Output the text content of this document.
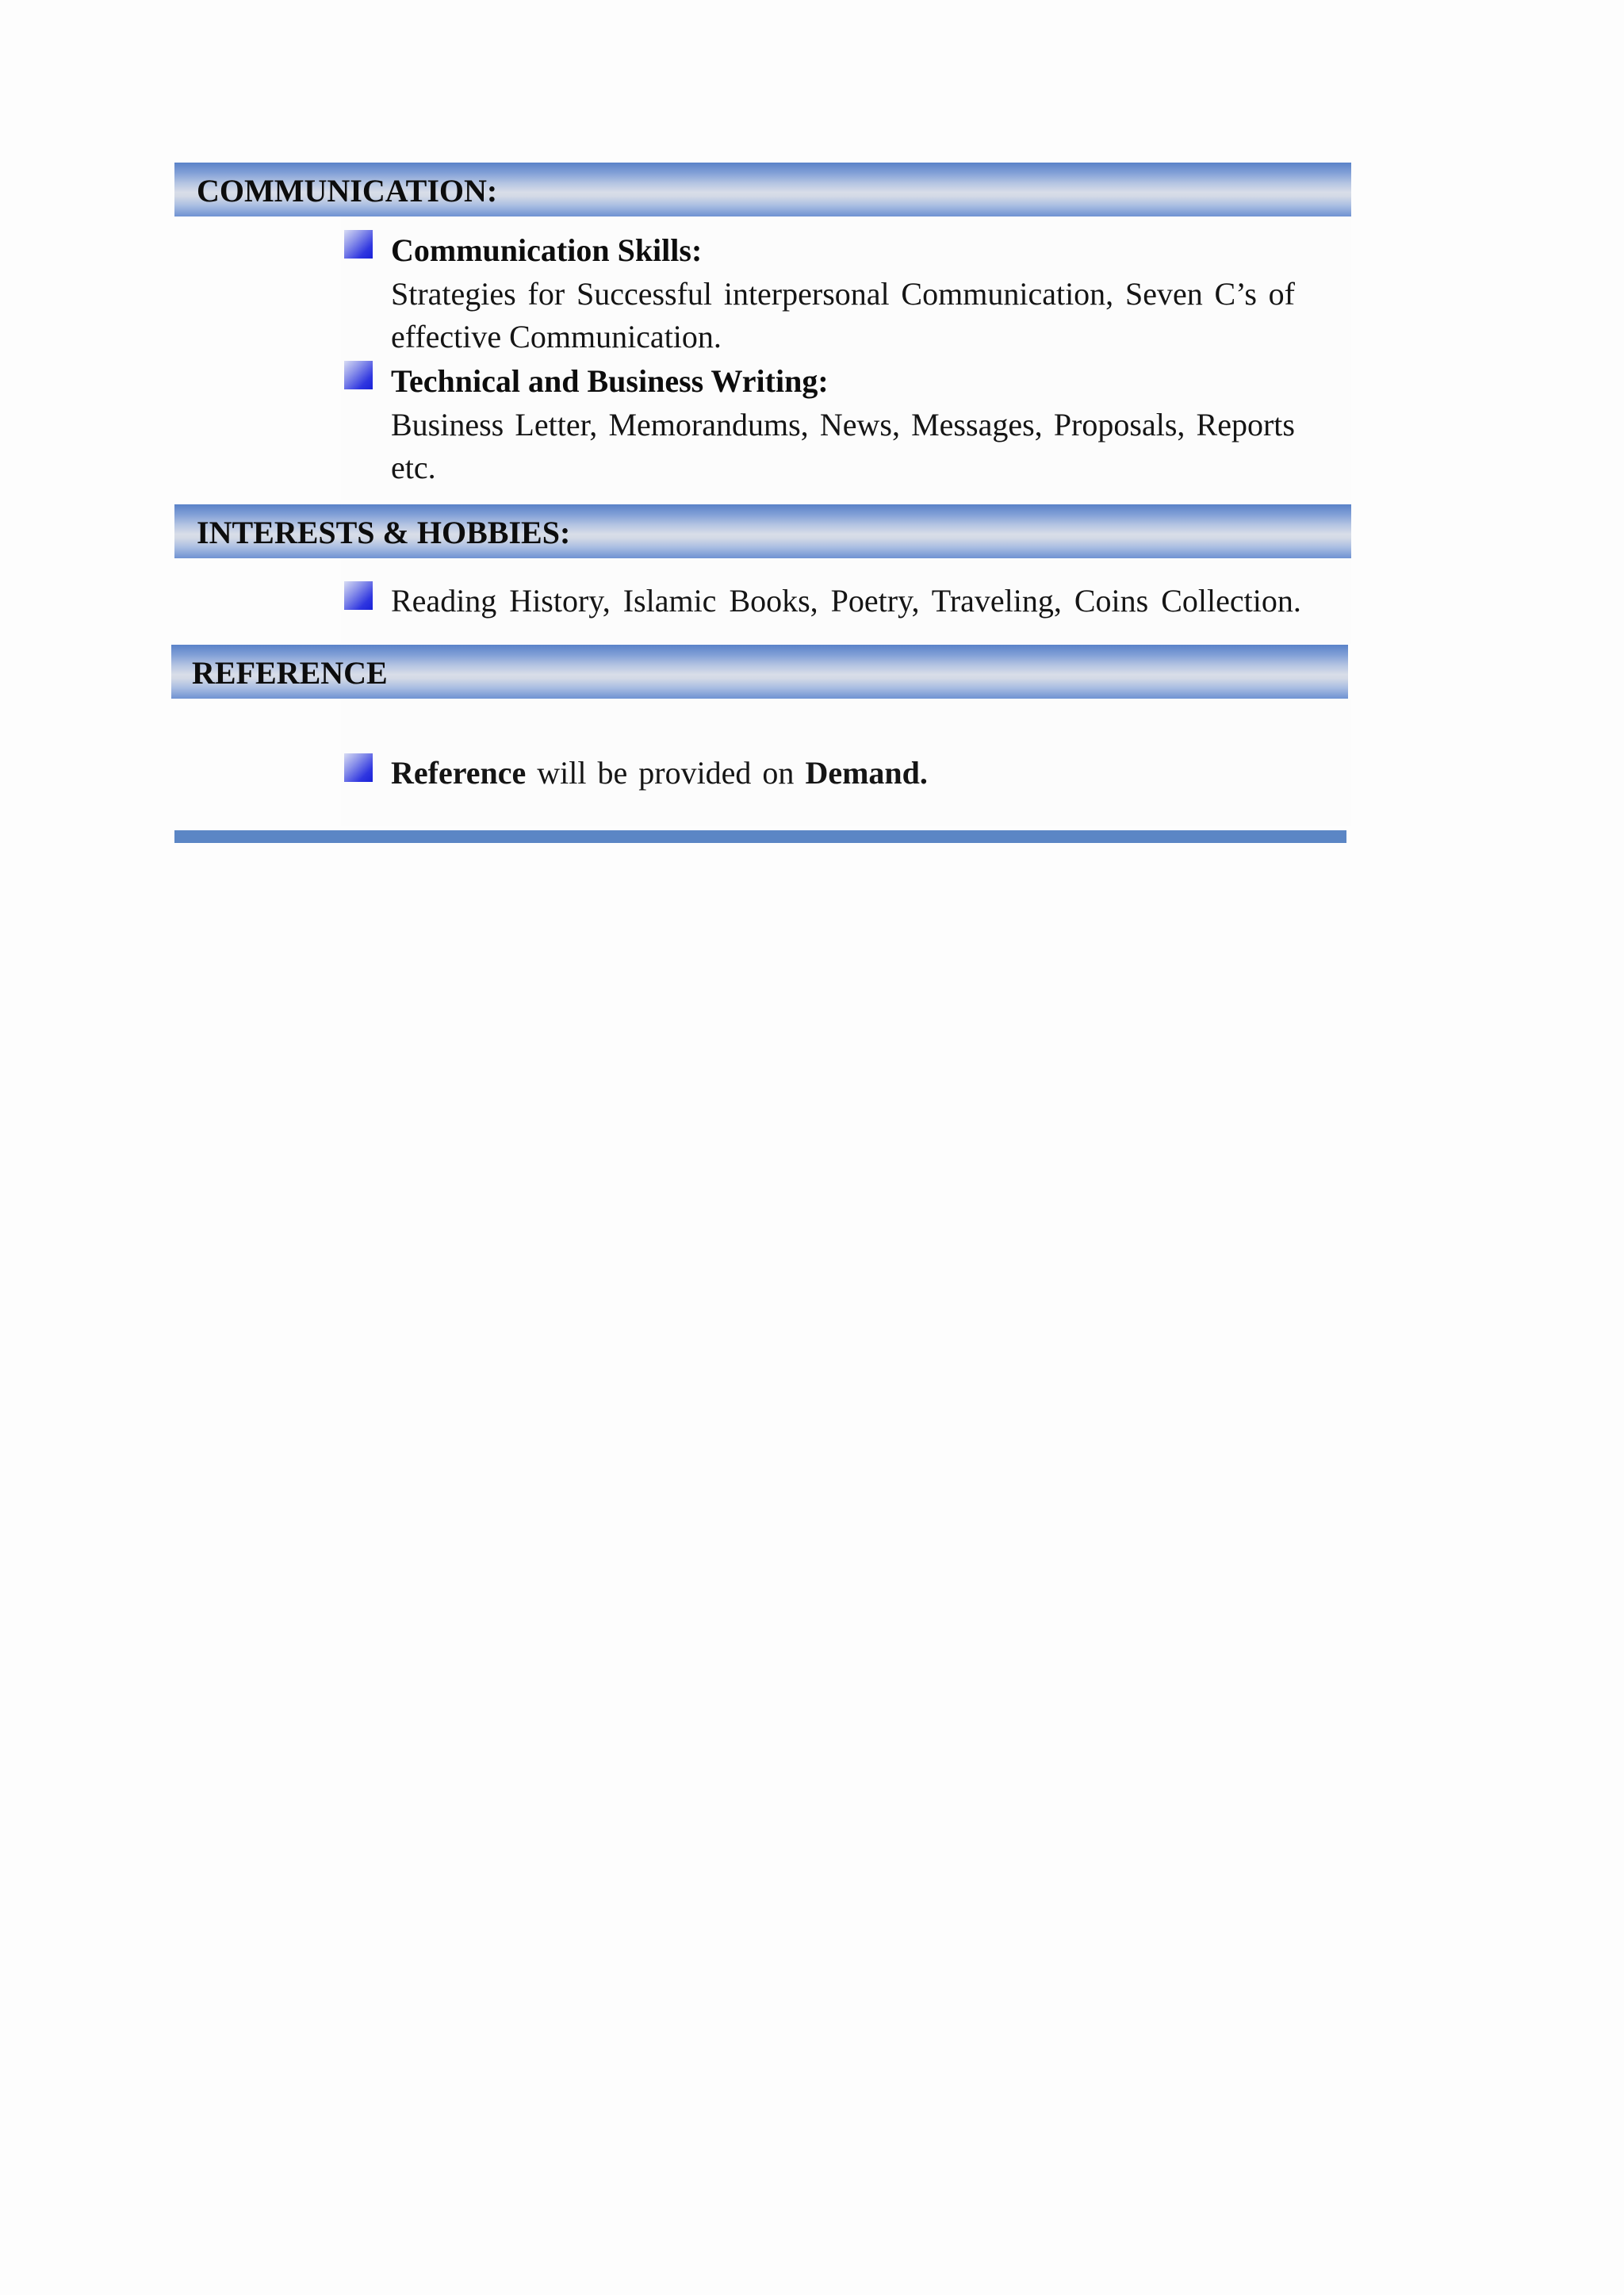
COMMUNICATION:
Communication Skills:
Strategies for Successful interpersonal Communication, Seven C’s of effective Communication.
Technical and Business Writing:
Business Letter, Memorandums, News, Messages, Proposals, Reports etc.
INTERESTS & HOBBIES:
Reading History, Islamic Books, Poetry, Traveling, Coins Collection.
REFERENCE
Reference will be provided on Demand.
